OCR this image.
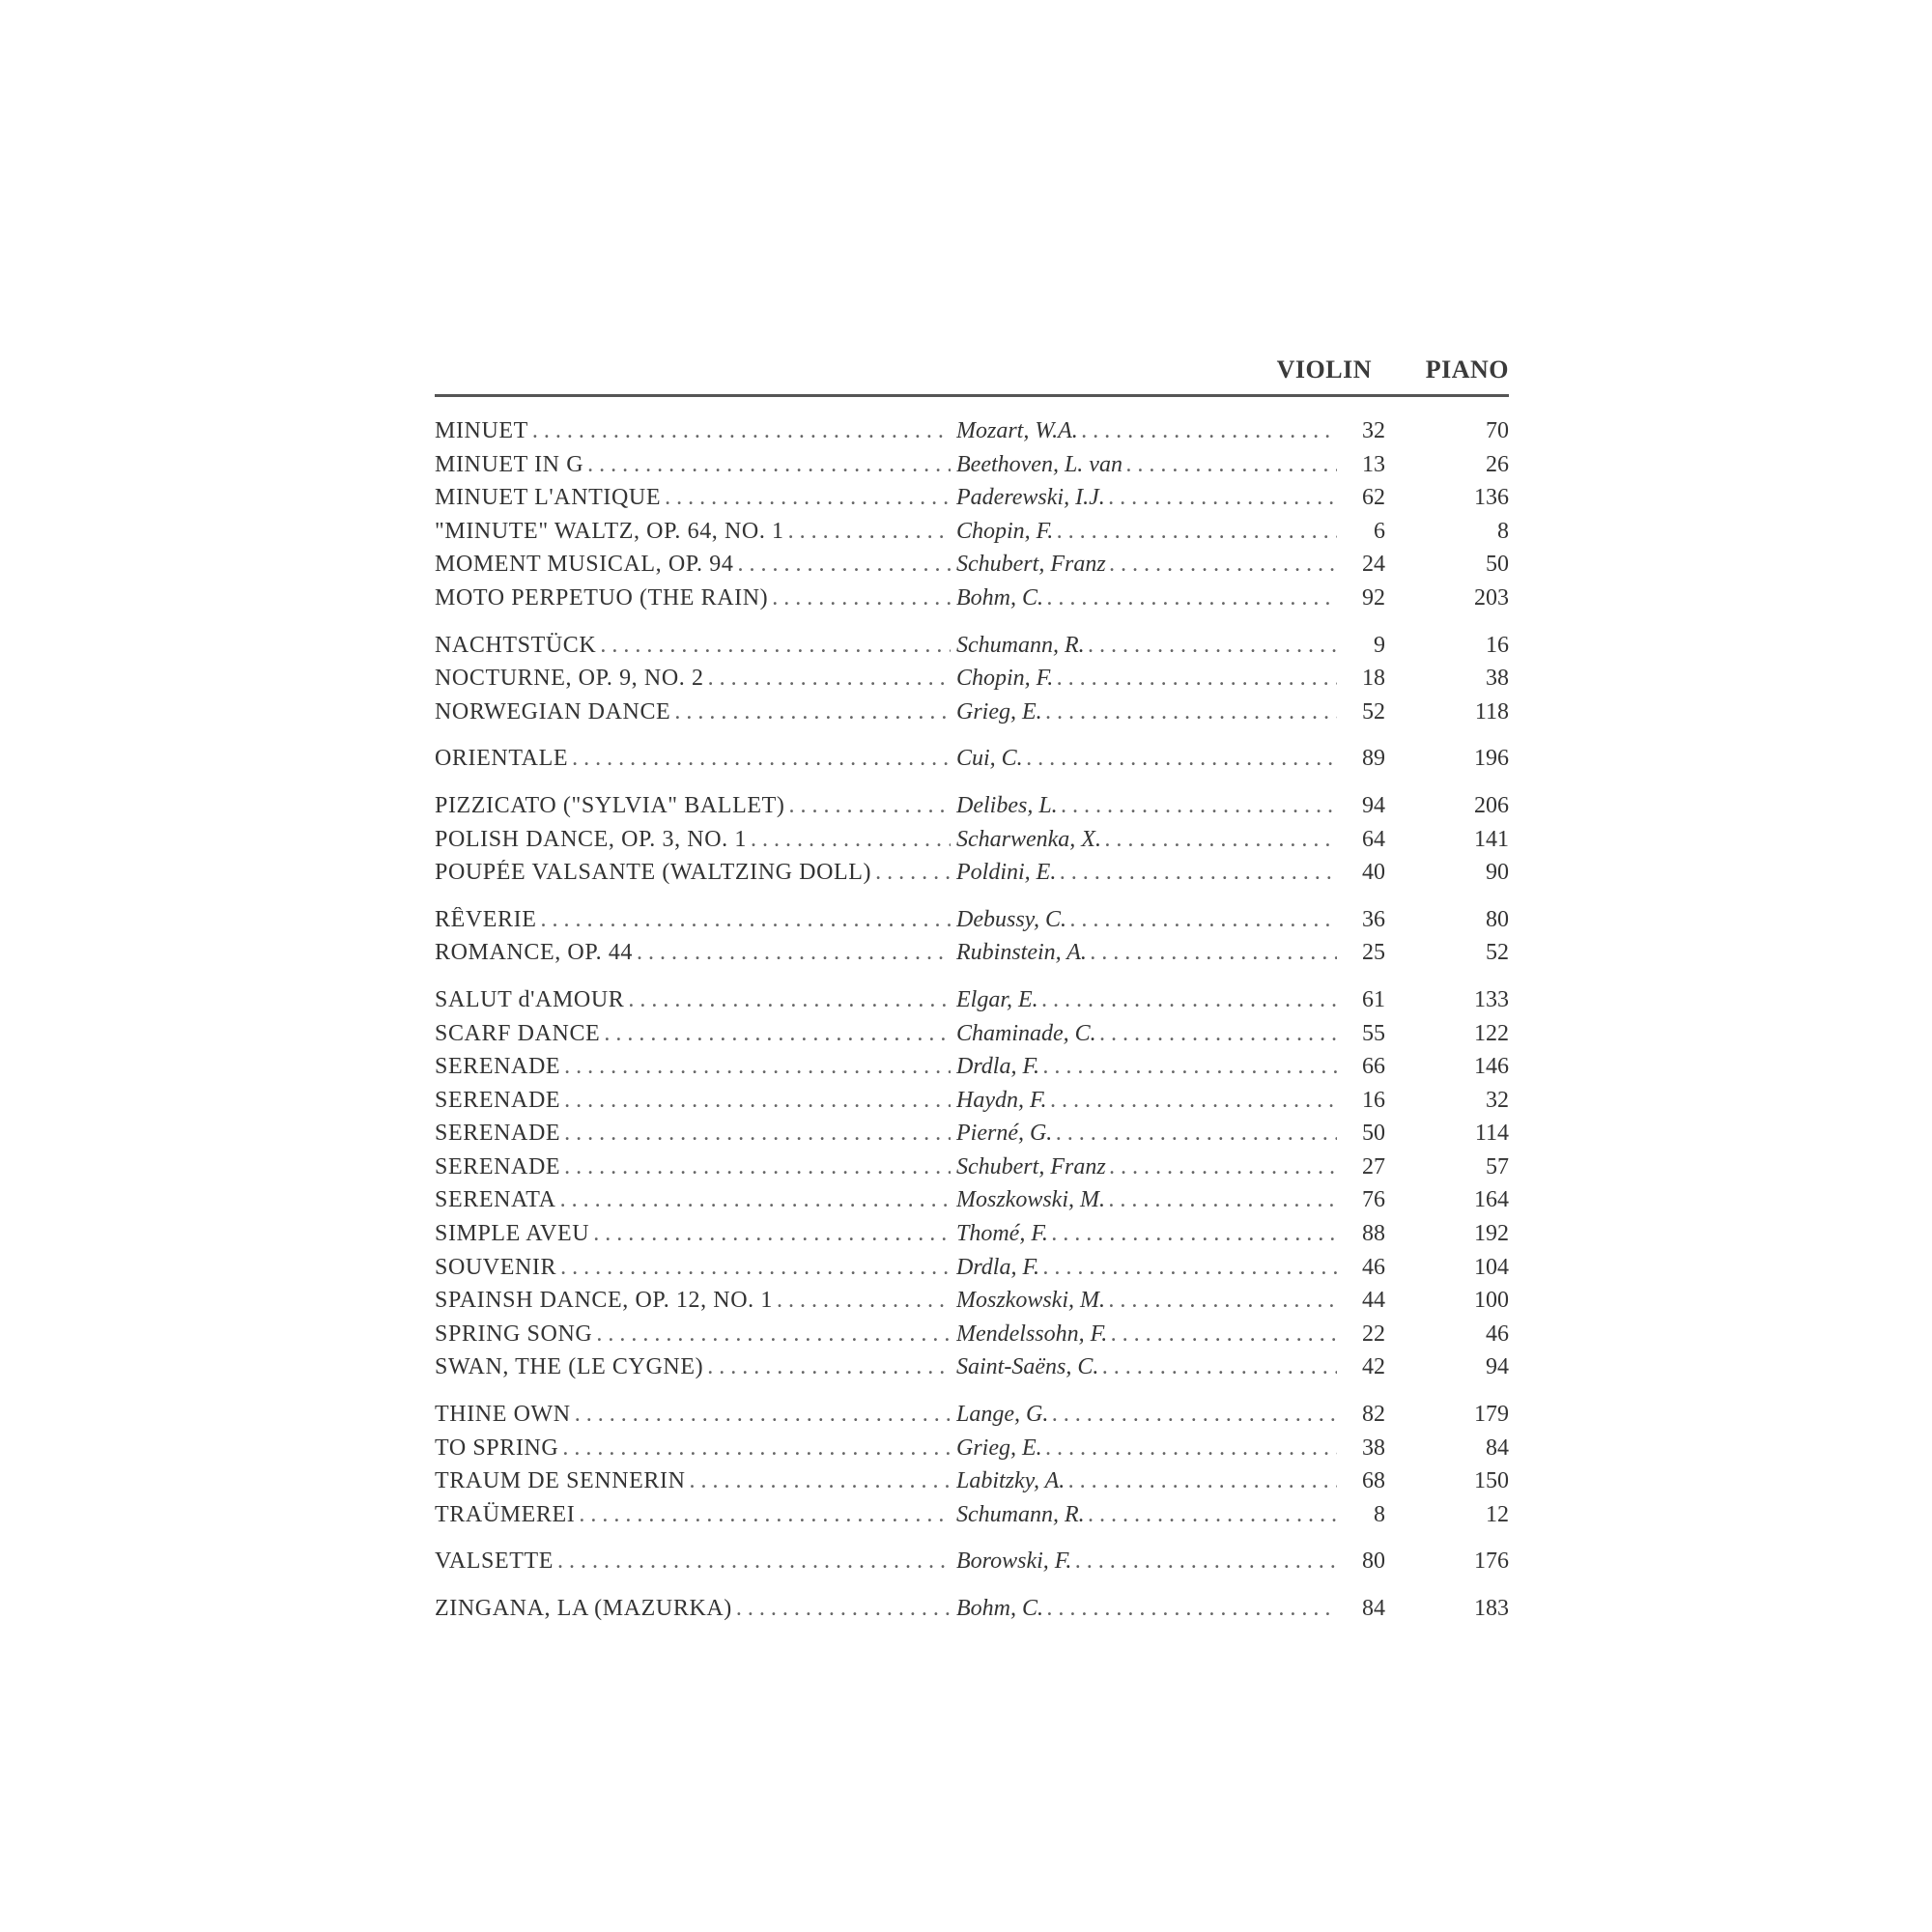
VIOLIN PIANO
MINUET . . .	Mozart, W.A. . . .	32	70
MINUET IN G . . .	Beethoven, L. van . . .	13	26
MINUET L'ANTIQUE . . .	Paderewski, I.J. . . .	62	136
"MINUTE" WALTZ, OP. 64, NO. 1 . . .	Chopin, F. . . .	6	8
MOMENT MUSICAL, OP. 94 . . .	Schubert, Franz . . .	24	50
MOTO PERPETUO (THE RAIN) . . .	Bohm, C. . . .	92	203
NACHTSTÜCK . . .	Schumann, R. . . .	9	16
NOCTURNE, OP. 9, NO. 2 . . .	Chopin, F. . . .	18	38
NORWEGIAN DANCE . . .	Grieg, E. . . .	52	118
ORIENTALE . . .	Cui, C. . . .	89	196
PIZZICATO ("SYLVIA" BALLET) . . .	Delibes, L. . . .	94	206
POLISH DANCE, OP. 3, NO. 1 . . .	Scharwenka, X. . . .	64	141
POUPÉE VALSANTE (WALTZING DOLL) . . .	Poldini, E. . . .	40	90
RÊVERIE . . .	Debussy, C. . . .	36	80
ROMANCE, OP. 44 . . .	Rubinstein, A. . . .	25	52
SALUT d'AMOUR . . .	Elgar, E. . . .	61	133
SCARF DANCE . . .	Chaminade, C. . . .	55	122
SERENADE . . .	Drdla, F. . . .	66	146
SERENADE . . .	Haydn, F. . . .	16	32
SERENADE . . .	Pierné, G. . . .	50	114
SERENADE . . .	Schubert, Franz . . .	27	57
SERENATA . . .	Moszkowski, M. . . .	76	164
SIMPLE AVEU . . .	Thomé, F. . . .	88	192
SOUVENIR . . .	Drdla, F. . . .	46	104
SPAINSH DANCE, OP. 12, NO. 1 . . .	Moszkowski, M. . . .	44	100
SPRING SONG . . .	Mendelssohn, F. . . .	22	46
SWAN, THE (LE CYGNE) . . .	Saint-Saëns, C. . . .	42	94
THINE OWN . . .	Lange, G. . . .	82	179
TO SPRING . . .	Grieg, E. . . .	38	84
TRAUM DE SENNERIN . . .	Labitzky, A. . . .	68	150
TRAÜMEREI . . .	Schumann, R. . . .	8	12
VALSETTE . . .	Borowski, F. . . .	80	176
ZINGANA, LA (MAZURKA) . . .	Bohm, C. . . .	84	183
